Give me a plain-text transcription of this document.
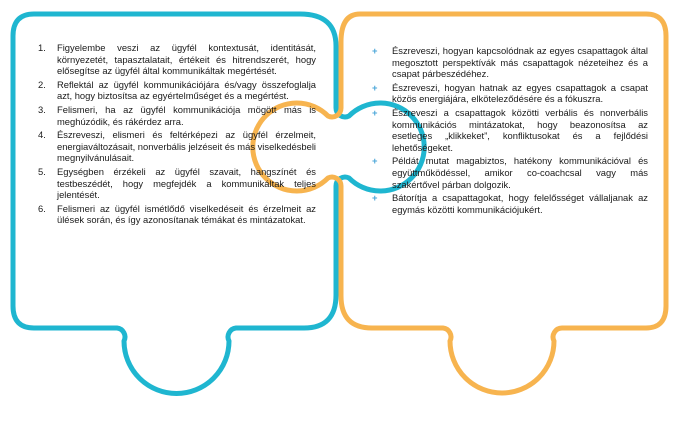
1.	Figyelembe veszi az ügyfél kontextusát, identitását, környezetét, tapasztalatait, értékeit és hitrendszerét, hogy elősegítse az ügyfél által kommunikáltak megértését.
2.	Reflektál az ügyfél kommunikációjára és/vagy összefoglalja azt, hogy biztosítsa az egyértelműséget és a megértést.
3.	Felismeri, ha az ügyfél kommunikációja mögött más is meghúzódik, és rákérdez arra.
4.	Észreveszi, elismeri és feltérképezi az ügyfél érzelmeit, energiaváltozásait, nonverbális jelzéseit és más viselkedésbeli megnyilvánulásait.
5.	Egységben érzékeli az ügyfél szavait, hangszínét és testbeszédét, hogy megfejdék a kommunikáltak teljes jelentését.
6.	Felismeri az ügyfél ismétlődő viselkedéseit és érzelmeit az ülések során, és így azonosítanak témákat és mintázatokat.
+ Észreveszi, hogyan kapcsolódnak az egyes csapattagok által megosztott perspektívák más csapattagok nézeteihez és a csapat párbeszédéhez.
+ Észreveszi, hogyan hatnak az egyes csapattagok a csapat közös energiájára, elköteleződésére és a fókuszra.
+ Észreveszi a csapattagok közötti verbális és nonverbális kommunikációs mintázatokat, hogy beazonosítsa az esetleges „klikkeket”, konfliktusokat és a fejlődési lehetőségeket.
+ Példát mutat magabiztos, hatékony kommunikációval és együttműködéssel, amikor co-coachcsal vagy más szakértővel párban dolgozik.
+ Bátorítja a csapattagokat, hogy felelősséget vállaljanak az egymás közötti kommunikációjukért.
